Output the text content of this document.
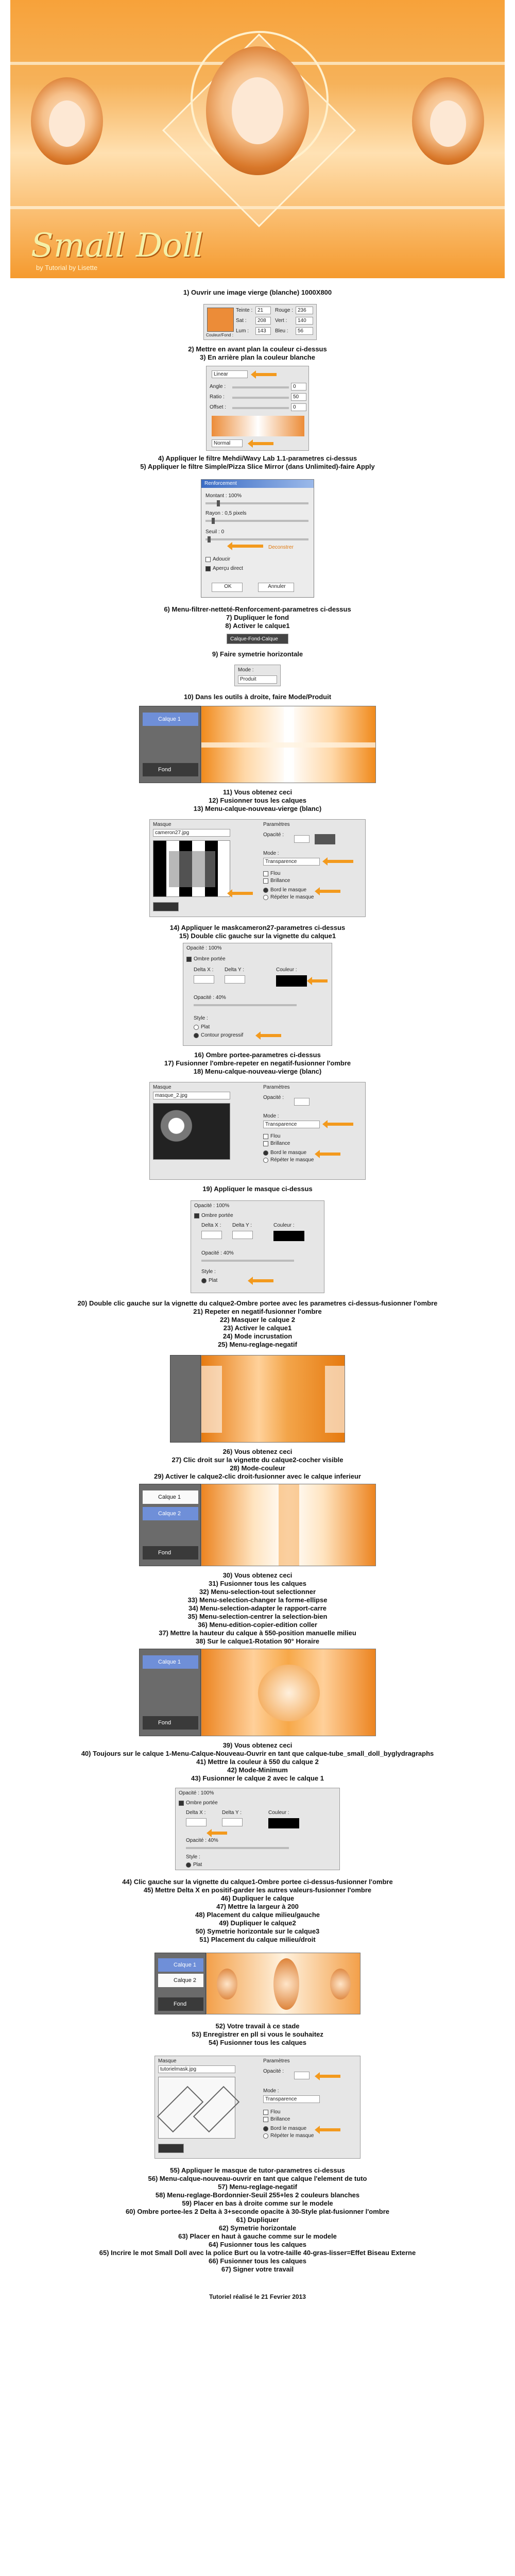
Small Doll
by Tutorial by Lisette
1) Ouvrir une image vierge (blanche) 1000X800
Teinte : 21	Rouge : 236
Sat :	208	Vert :	140
Lum :	143	Bleu :	56
Couleur/Fond :
2) Mettre en avant plan la couleur ci-dessus
3) En arrière plan la couleur blanche
Linear
Angle :	0
Ratio :	50
Offset :	0
Normal
4) Appliquer le filtre Mehdi/Wavy Lab 1.1-parametres ci-dessus
5) Appliquer le filtre Simple/Pizza Slice Mirror (dans Unlimited)-faire Apply
Renforcement
Montant : 100%
Rayon : 0,5 pixels
Seuil : 0
Deconstrer
Adoucir
Aperçu direct
OK	Annuler
6) Menu-filtrer-netteté-Renforcement-parametres ci-dessus
7) Dupliquer le fond
8) Activer le calque1
Calque-Fond-Calque
9) Faire symetrie horizontale
Mode :
Produit
10) Dans les outils à droite, faire Mode/Produit
Calque 1
Fond
11) Vous obtenez ceci
12) Fusionner tous les calques
13) Menu-calque-nouveau-vierge (blanc)
Masque
cameron27.jpg
Paramètres
Opacité :
Mode :
Transparence
Flou
Brillance
Bord le masque
Répéter le masque
14) Appliquer le maskcameron27-parametres ci-dessus
15) Double clic gauche sur la vignette du calque1
Opacité : 100%
Ombre portée
Delta X : Delta Y :	Couleur :
Opacité : 40%
Style :
Plat
Contour progressif
16) Ombre portee-parametres ci-dessus
17) Fusionner l'ombre-repeter en negatif-fusionner l'ombre
18) Menu-calque-nouveau-vierge (blanc)
Masque
masque_2.jpg
Paramètres
Opacité :
Mode :
Transparence
Flou
Brillance
Bord le masque
Répéter le masque
19) Appliquer le masque ci-dessus
Opacité : 100%
Ombre portée
Delta X : Delta Y :	Couleur :
Opacité : 40%
Style :
Plat
20) Double clic gauche sur la vignette du calque2-Ombre portee avec les parametres ci-dessus-fusionner l'ombre
21) Repeter en negatif-fusionner l'ombre
22) Masquer le calque 2
23) Activer le calque1
24) Mode incrustation
25) Menu-reglage-negatif
26) Vous obtenez ceci
27) Clic droit sur la vignette du calque2-cocher visible
28) Mode-couleur
29) Activer le calque2-clic droit-fusionner avec le calque inferieur
Calque 1
Calque 2
Fond
30) Vous obtenez ceci
31) Fusionner tous les calques
32) Menu-selection-tout selectionner
33) Menu-selection-changer la forme-ellipse
34) Menu-selection-adapter le rapport-carre
35) Menu-selection-centrer la selection-bien
36) Menu-edition-copier-edition coller
37) Mettre la hauteur du calque à 550-position manuelle milieu
38) Sur le calque1-Rotation 90° Horaire
Calque 1
Fond
39) Vous obtenez ceci
40) Toujours sur le calque 1-Menu-Calque-Nouveau-Ouvrir en tant que calque-tube_small_doll_byglydragraphs
41) Mettre la couleur à 550 du calque 2
42) Mode-Minimum
43) Fusionner le calque 2 avec le calque 1
Opacité : 100%
Ombre portée
Delta X :	Delta Y :	Couleur :
Opacité : 40%
Style :
Plat
44) Clic gauche sur la vignette du calque1-Ombre portee ci-dessus-fusionner l'ombre
45) Mettre Delta X en positif-garder les autres valeurs-fusionner l'ombre
46) Dupliquer le calque
47) Mettre la largeur à 200
48) Placement du calque milieu/gauche
49) Dupliquer le calque2
50) Symetrie horizontale sur le calque3
51) Placement du calque milieu/droit
Calque 1
Calque 2
Fond
52) Votre travail à ce stade
53) Enregistrer en pll si vous le souhaitez
54) Fusionner tous les calques
Masque
tutorielmask.jpg
Paramètres
Opacité :
Mode :
Transparence
Flou
Brillance
Bord le masque
Répéter le masque
55) Appliquer le masque de tutor-parametres ci-dessus
56) Menu-calque-nouveau-ouvrir en tant que calque l'element de tuto
57) Menu-reglage-negatif
58) Menu-reglage-Bordonnier-Seuil 255+les 2 couleurs blanches
59) Placer en bas à droite comme sur le modele
60) Ombre portee-les 2 Delta à 3+seconde opacite à 30-Style plat-fusionner l'ombre
61) Dupliquer
62) Symetrie horizontale
63) Placer en haut à gauche comme sur le modele
64) Fusionner tous les calques
65) Incrire le mot Small Doll avec la police Burt ou la votre-taille 40-gras-lisser=Effet Biseau Externe
66) Fusionner tous les calques
67) Signer votre travail
Tutoriel réalisé le 21 Fevrier 2013
